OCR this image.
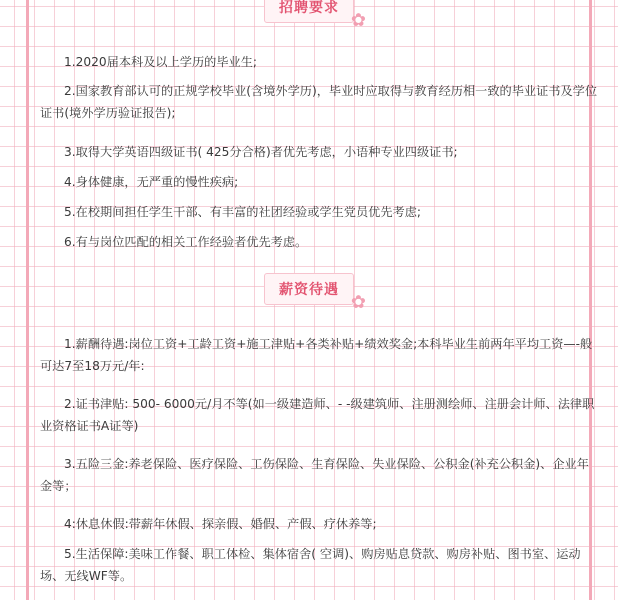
招聘要求
✿

1.2020届本科及以上学历的毕业生;

2.国家教育部认可的正规学校毕业(含境外学历)，毕业时应取得与教育经历相一致的毕业证书及学位证书(境外学历验证报告);

3.取得大学英语四级证书( 425分合格)者优先考虑，小语种专业四级证书;

4.身体健康，无严重的慢性疾病;

5.在校期间担任学生干部、有丰富的社团经验或学生党员优先考虑;

6.有与岗位匹配的相关工作经验者优先考虑。

薪资待遇
✿

1.薪酬待遇:岗位工资+工龄工资+施工津贴+各类补贴+绩效奖金;本科毕业生前两年平均工资—-般可达7至18万元/年:

2.证书津贴: 500- 6000元/月不等(如一级建造师、- -级建筑师、注册测绘师、注册会计师、法律职业资格证书A证等)

3.五险三金:养老保险、医疗保险、工伤保险、生育保险、失业保险、公积金(补充公积金)、企业年金等；

4:休息休假:带薪年休假、探亲假、婚假、产假、疗休养等;

5.生活保障:美味工作餐、职工体检、集体宿舍( 空调)、购房贴息贷款、购房补贴、图书室、运动场、无线WF等。
